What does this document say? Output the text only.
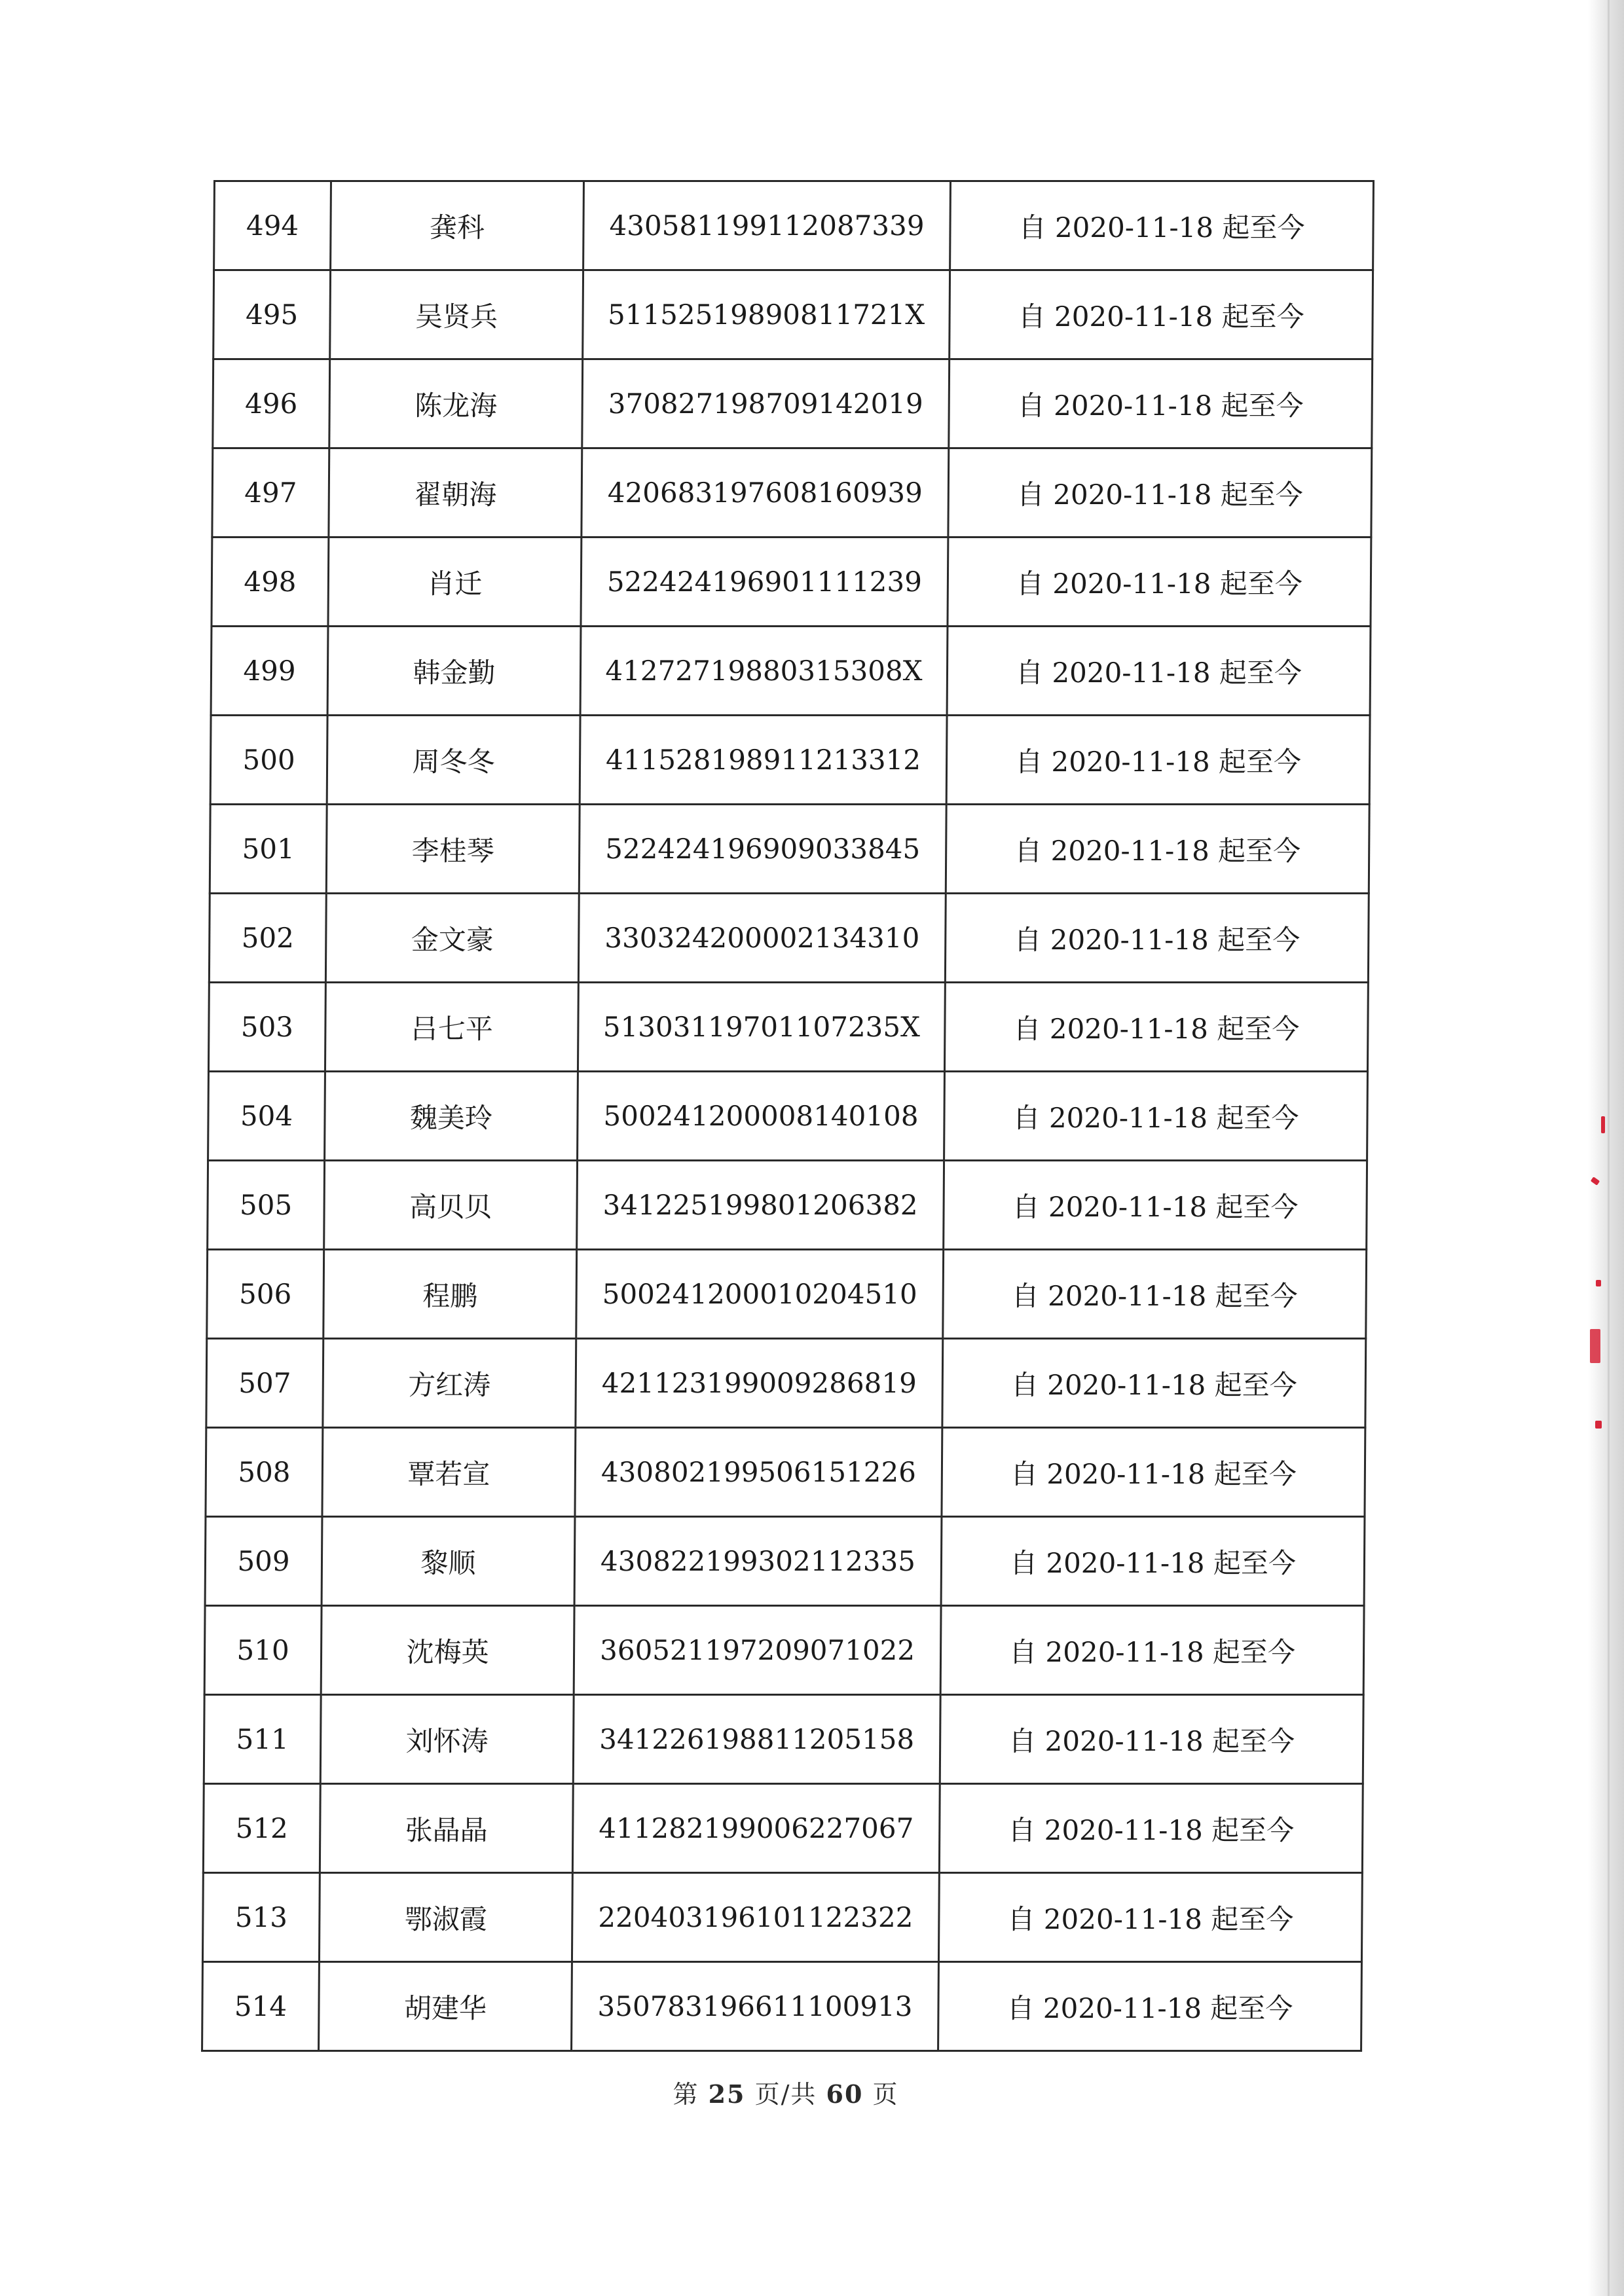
494	龚科	430581199112087339	自 2020-11-18 起至今
495	吴贤兵	51152519890811721X	自 2020-11-18 起至今
496	陈龙海	370827198709142019	自 2020-11-18 起至今
497	翟朝海	420683197608160939	自 2020-11-18 起至今
498	肖迁	522424196901111239	自 2020-11-18 起至今
499	韩金勤	41272719880315308X	自 2020-11-18 起至今
500	周冬冬	411528198911213312	自 2020-11-18 起至今
501	李桂琴	522424196909033845	自 2020-11-18 起至今
502	金文豪	330324200002134310	自 2020-11-18 起至今
503	吕七平	51303119701107235X	自 2020-11-18 起至今
504	魏美玲	500241200008140108	自 2020-11-18 起至今
505	高贝贝	341225199801206382	自 2020-11-18 起至今
506	程鹏	500241200010204510	自 2020-11-18 起至今
507	方红涛	421123199009286819	自 2020-11-18 起至今
508	覃若宣	430802199506151226	自 2020-11-18 起至今
509	黎顺	430822199302112335	自 2020-11-18 起至今
510	沈梅英	360521197209071022	自 2020-11-18 起至今
511	刘怀涛	341226198811205158	自 2020-11-18 起至今
512	张晶晶	411282199006227067	自 2020-11-18 起至今
513	鄂淑霞	220403196101122322	自 2020-11-18 起至今
514	胡建华	350783196611100913	自 2020-11-18 起至今
第 25 页/共 60 页
